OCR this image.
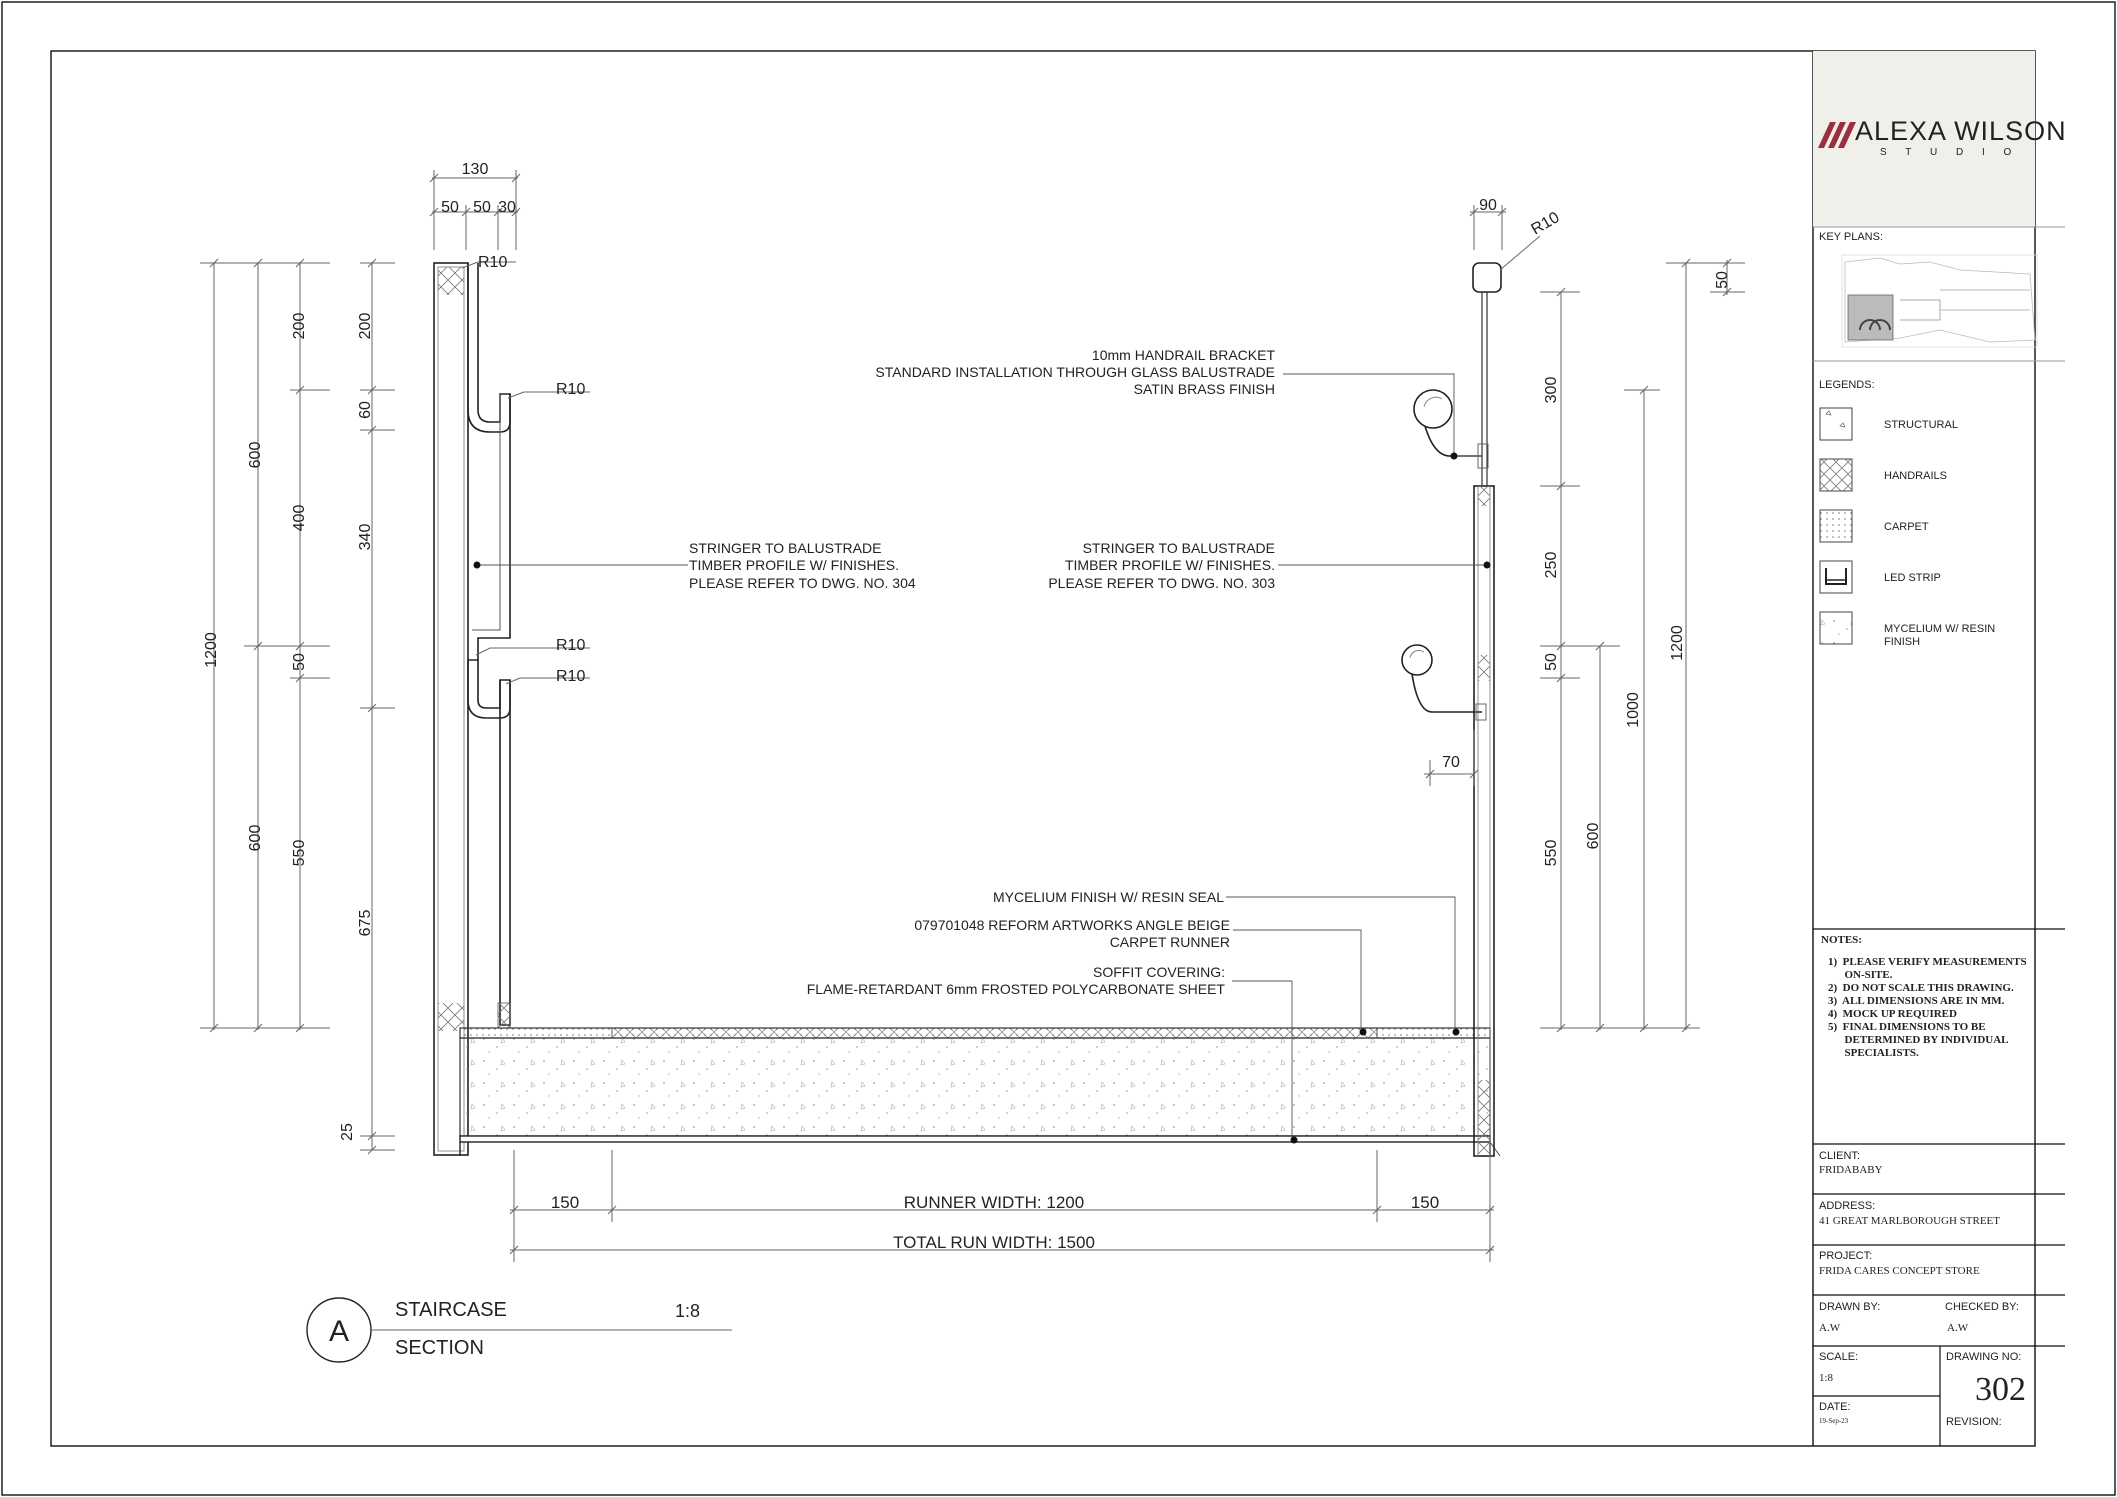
ALEXA WILSON
S T U D I O
KEY PLANS:
LEGENDS:
STRUCTURAL
HANDRAILS
CARPET
LED STRIP
MYCELIUM W/ RESIN
FINISH
NOTES:
1)  PLEASE VERIFY MEASUREMENTS
ON-SITE.
2)  DO NOT SCALE THIS DRAWING.
3)  ALL DIMENSIONS ARE IN MM.
4)  MOCK UP REQUIRED
5)  FINAL DIMENSIONS TO BE
DETERMINED BY INDIVIDUAL
SPECIALISTS.
CLIENT:
FRIDABABY
ADDRESS:
41 GREAT MARLBOROUGH STREET
PROJECT:
FRIDA CARES CONCEPT STORE
DRAWN BY:
A.W
CHECKED BY:
A.W
SCALE:
1:8
DATE:
19-Sep-23
DRAWING NO:
302
REVISION:
10mm HANDRAIL BRACKET
STANDARD INSTALLATION THROUGH GLASS BALUSTRADE
SATIN BRASS FINISH
STRINGER TO BALUSTRADE
TIMBER PROFILE W/ FINISHES.
PLEASE REFER TO DWG. NO. 304
STRINGER TO BALUSTRADE
TIMBER PROFILE W/ FINISHES.
PLEASE REFER TO DWG. NO. 303
MYCELIUM FINISH W/ RESIN SEAL
079701048 REFORM ARTWORKS ANGLE BEIGE
CARPET RUNNER
SOFFIT COVERING:
FLAME-RETARDANT 6mm FROSTED POLYCARBONATE SHEET
130
50 50 30	90
R10
R10
R10
R10
R10
1200
600
600
200
400
50
550
200
60
340
675
25
50
300
250
50
550
600
1000
1200
70
150	RUNNER WIDTH: 1200	150
TOTAL RUN WIDTH: 1500
A
STAIRCASE
SECTION
1:8
